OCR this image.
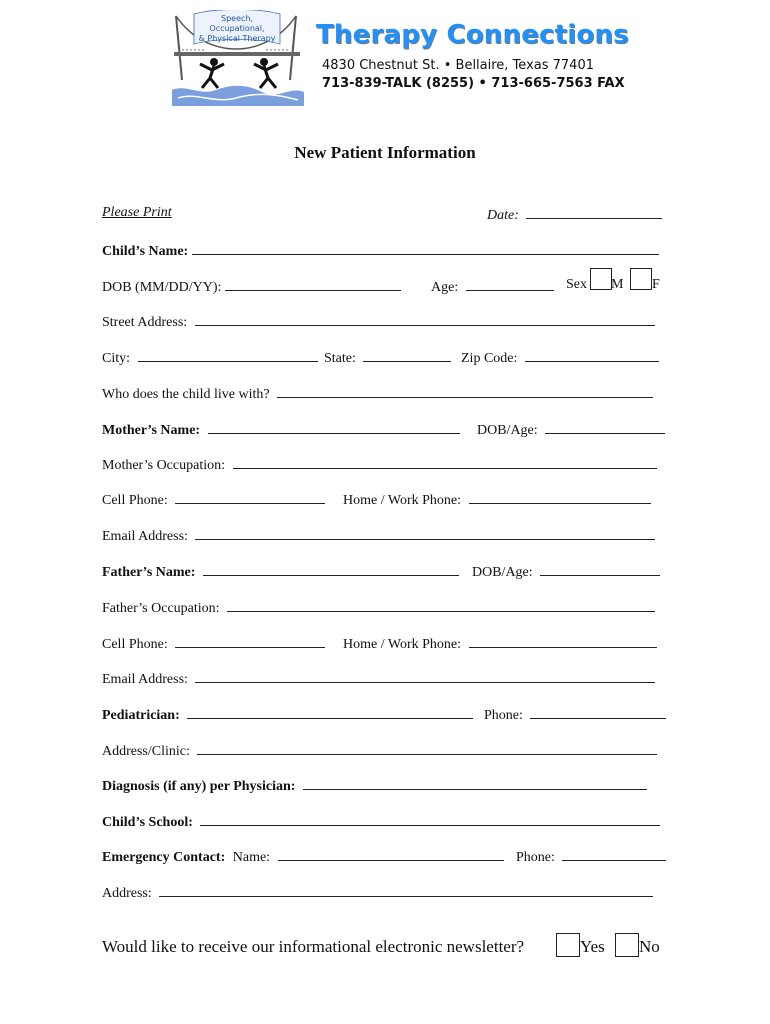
Speech,
Occupational,
& Physical Therapy Therapy Connections
4830 Chestnut St. • Bellaire, Texas 77401
713-839-TALK (8255) • 713-665-7563 FAX
New Patient Information
Please Print	Date:
Child’s Name:
DOB (MM/DD/YY):	Age:	Sex M F
Street Address:
City:	State:	Zip Code:
Who does the child live with?
Mother’s Name:	DOB/Age:
Mother’s Occupation:
Cell Phone:	Home / Work Phone:
Email Address:
Father’s Name:	DOB/Age:
Father’s Occupation:
Cell Phone:	Home / Work Phone:
Email Address:
Pediatrician:	Phone:
Address/Clinic:
Diagnosis (if any) per Physician:
Child’s School:
Emergency Contact: Name:	Phone:
Address:
Would like to receive our informational electronic newsletter?	Yes No
